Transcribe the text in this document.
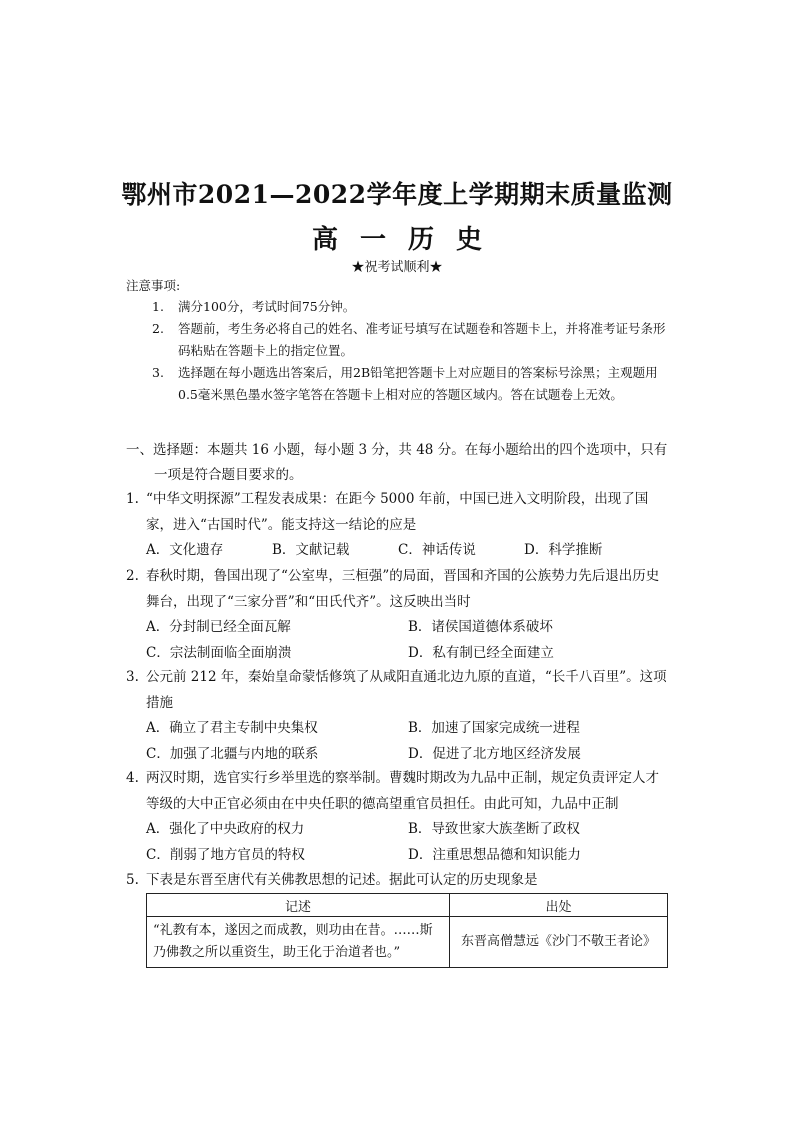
鄂州市2021—2022学年度上学期期末质量监测
高一历史
★祝考试顺利★
注意事项:
1. 满分100分，考试时间75分钟。
2. 答题前，考生务必将自己的姓名、准考证号填写在试题卷和答题卡上，并将准考证号条形码粘贴在答题卡上的指定位置。
3. 选择题在每小题选出答案后，用2B铅笔把答题卡上对应题目的答案标号涂黑；主观题用0.5毫米黑色墨水签字笔答在答题卡上相对应的答题区域内。答在试题卷上无效。
一、选择题：本题共 16 小题，每小题 3 分，共 48 分。在每小题给出的四个选项中，只有
一项是符合题目要求的。
1. “中华文明探源”工程发表成果：在距今 5000 年前，中国已进入文明阶段，出现了国家，进入“古国时代”。能支持这一结论的应是
A．文化遗存	B．文献记载	C．神话传说	D．科学推断
2. 春秋时期，鲁国出现了“公室卑，三桓强”的局面，晋国和齐国的公族势力先后退出历史舞台，出现了“三家分晋”和“田氏代齐”。这反映出当时
A．分封制已经全面瓦解	B．诸侯国道德体系破坏
C．宗法制面临全面崩溃	D．私有制已经全面建立
3. 公元前 212 年，秦始皇命蒙恬修筑了从咸阳直通北边九原的直道，“长千八百里”。这项措施
A．确立了君主专制中央集权	B．加速了国家完成统一进程
C．加强了北疆与内地的联系	D．促进了北方地区经济发展
4. 两汉时期，选官实行乡举里选的察举制。曹魏时期改为九品中正制，规定负责评定人才等级的大中正官必须由在中央任职的德高望重官员担任。由此可知，九品中正制
A．强化了中央政府的权力	B．导致世家大族垄断了政权
C．削弱了地方官员的特权	D．注重思想品德和知识能力
5. 下表是东晋至唐代有关佛教思想的记述。据此可认定的历史现象是
记述	出处
“礼教有本，遂因之而成教，则功由在昔。……斯乃佛教之所以重资生，助王化于治道者也。”	东晋高僧慧远《沙门不敬王者论》
